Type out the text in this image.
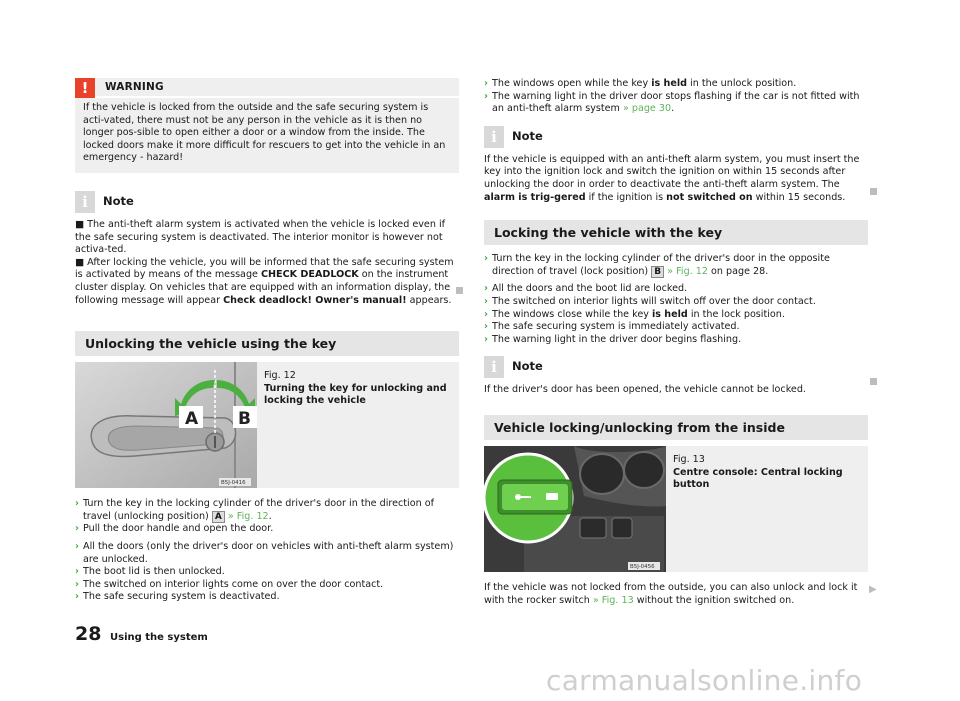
!	WARNING

If the vehicle is locked from the outside and the safe securing system is acti-vated, there must not be any person in the vehicle as it is then no longer pos-sible to open either a door or a window from the inside. The locked doors make it more difficult for rescuers to get into the vehicle in an emergency - hazard!

i	Note

■ The anti-theft alarm system is activated when the vehicle is locked even if the safe securing system is deactivated. The interior monitor is however not activa-ted.

■ After locking the vehicle, you will be informed that the safe securing system is activated by means of the message CHECK DEADLOCK on the instrument cluster display. On vehicles that are equipped with an information display, the following message will appear Check deadlock! Owner's manual! appears.

Unlocking the vehicle using the key
A B
B5J-0416
Fig. 12
Turning the key for unlocking and locking the vehicle

› Turn the key in the locking cylinder of the driver's door in the direction of travel (unlocking position) A » Fig. 12.

› Pull the door handle and open the door.

› All the doors (only the driver's door on vehicles with anti-theft alarm system) are unlocked.

› The boot lid is then unlocked.

› The switched on interior lights come on over the door contact.

› The safe securing system is deactivated.

› The windows open while the key is held in the unlock position.

› The warning light in the driver door stops flashing if the car is not fitted with an anti-theft alarm system » page 30.

i	Note

If the vehicle is equipped with an anti-theft alarm system, you must insert the key into the ignition lock and switch the ignition on within 15 seconds after unlocking the door in order to deactivate the anti-theft alarm system. The alarm is trig-gered if the ignition is not switched on within 15 seconds.

Locking the vehicle with the key

› Turn the key in the locking cylinder of the driver's door in the opposite direction of travel (lock position) B » Fig. 12 on page 28.

› All the doors and the boot lid are locked.

› The switched on interior lights will switch off over the door contact.

› The windows close while the key is held in the lock position.

› The safe securing system is immediately activated.

› The warning light in the driver door begins flashing.

i	Note

If the driver's door has been opened, the vehicle cannot be locked.

Vehicle locking/unlocking from the inside
B5J-0456
Fig. 13
Centre console: Central locking button

If the vehicle was not locked from the outside, you can also unlock and lock it with the rocker switch » Fig. 13 without the ignition switched on.

▶
28 Using the system
carmanualsonline.info
